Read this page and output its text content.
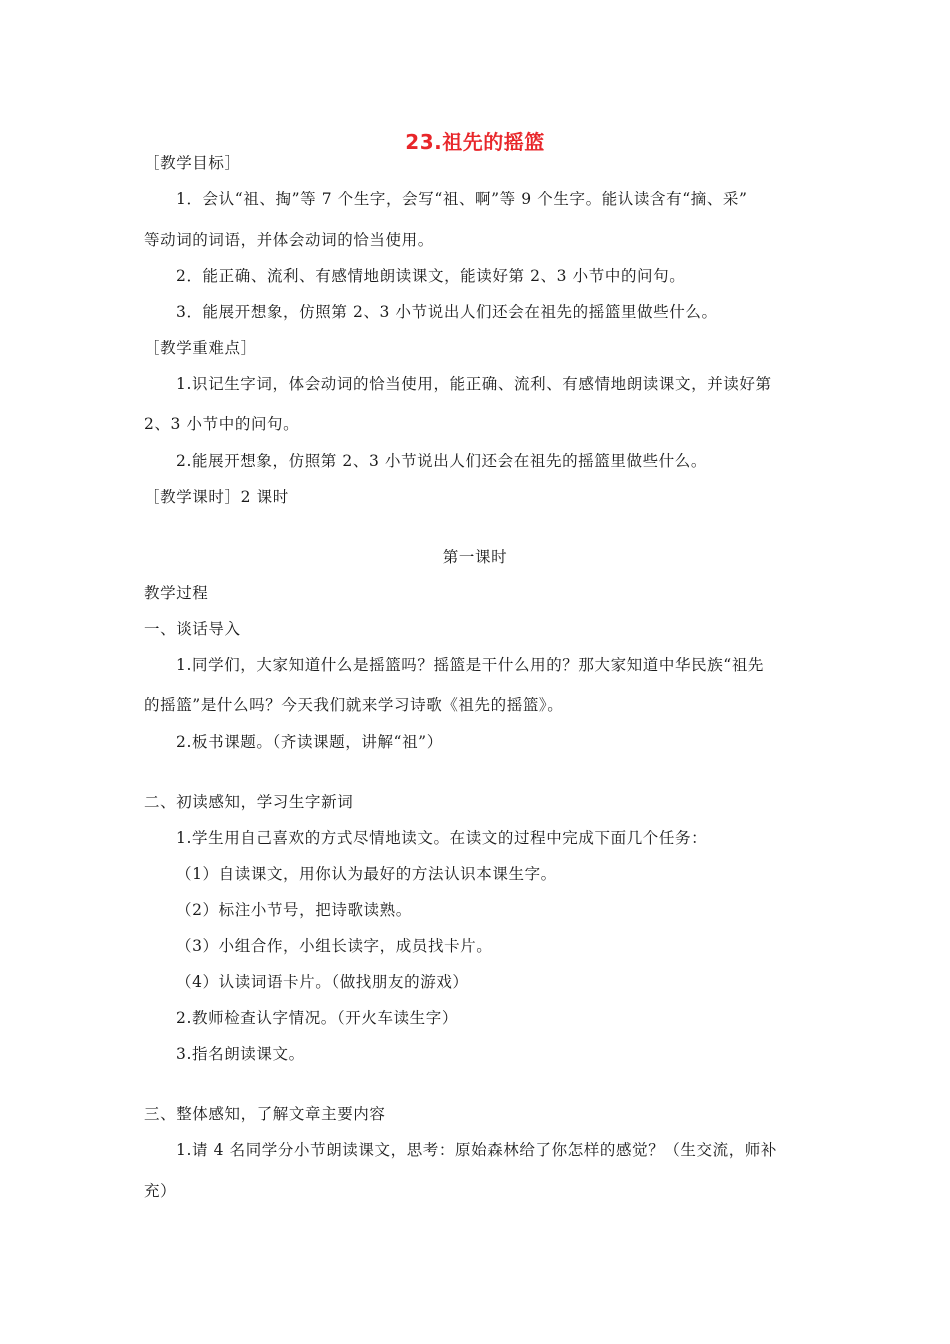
23.祖先的摇篮
［教学目标］
1．会认“祖、掏”等 7 个生字，会写“祖、啊”等 9 个生字。能认读含有“摘、采”
等动词的词语，并体会动词的恰当使用。
2．能正确、流利、有感情地朗读课文，能读好第 2、3 小节中的问句。
3．能展开想象，仿照第 2、3 小节说出人们还会在祖先的摇篮里做些什么。
［教学重难点］
1.识记生字词，体会动词的恰当使用，能正确、流利、有感情地朗读课文，并读好第
2、3 小节中的问句。
2.能展开想象，仿照第 2、3 小节说出人们还会在祖先的摇篮里做些什么。
［教学课时］2 课时
第一课时
教学过程
一、谈话导入
1.同学们，大家知道什么是摇篮吗？摇篮是干什么用的？那大家知道中华民族“祖先
的摇篮”是什么吗？今天我们就来学习诗歌《祖先的摇篮》。
2.板书课题。（齐读课题，讲解“祖”）
二、初读感知，学习生字新词
1.学生用自己喜欢的方式尽情地读文。在读文的过程中完成下面几个任务：
（1）自读课文，用你认为最好的方法认识本课生字。
（2）标注小节号，把诗歌读熟。
（3）小组合作，小组长读字，成员找卡片。
（4）认读词语卡片。（做找朋友的游戏）
2.教师检查认字情况。（开火车读生字）
3.指名朗读课文。
三、整体感知，了解文章主要内容
1.请 4 名同学分小节朗读课文，思考：原始森林给了你怎样的感觉？（生交流，师补
充）
